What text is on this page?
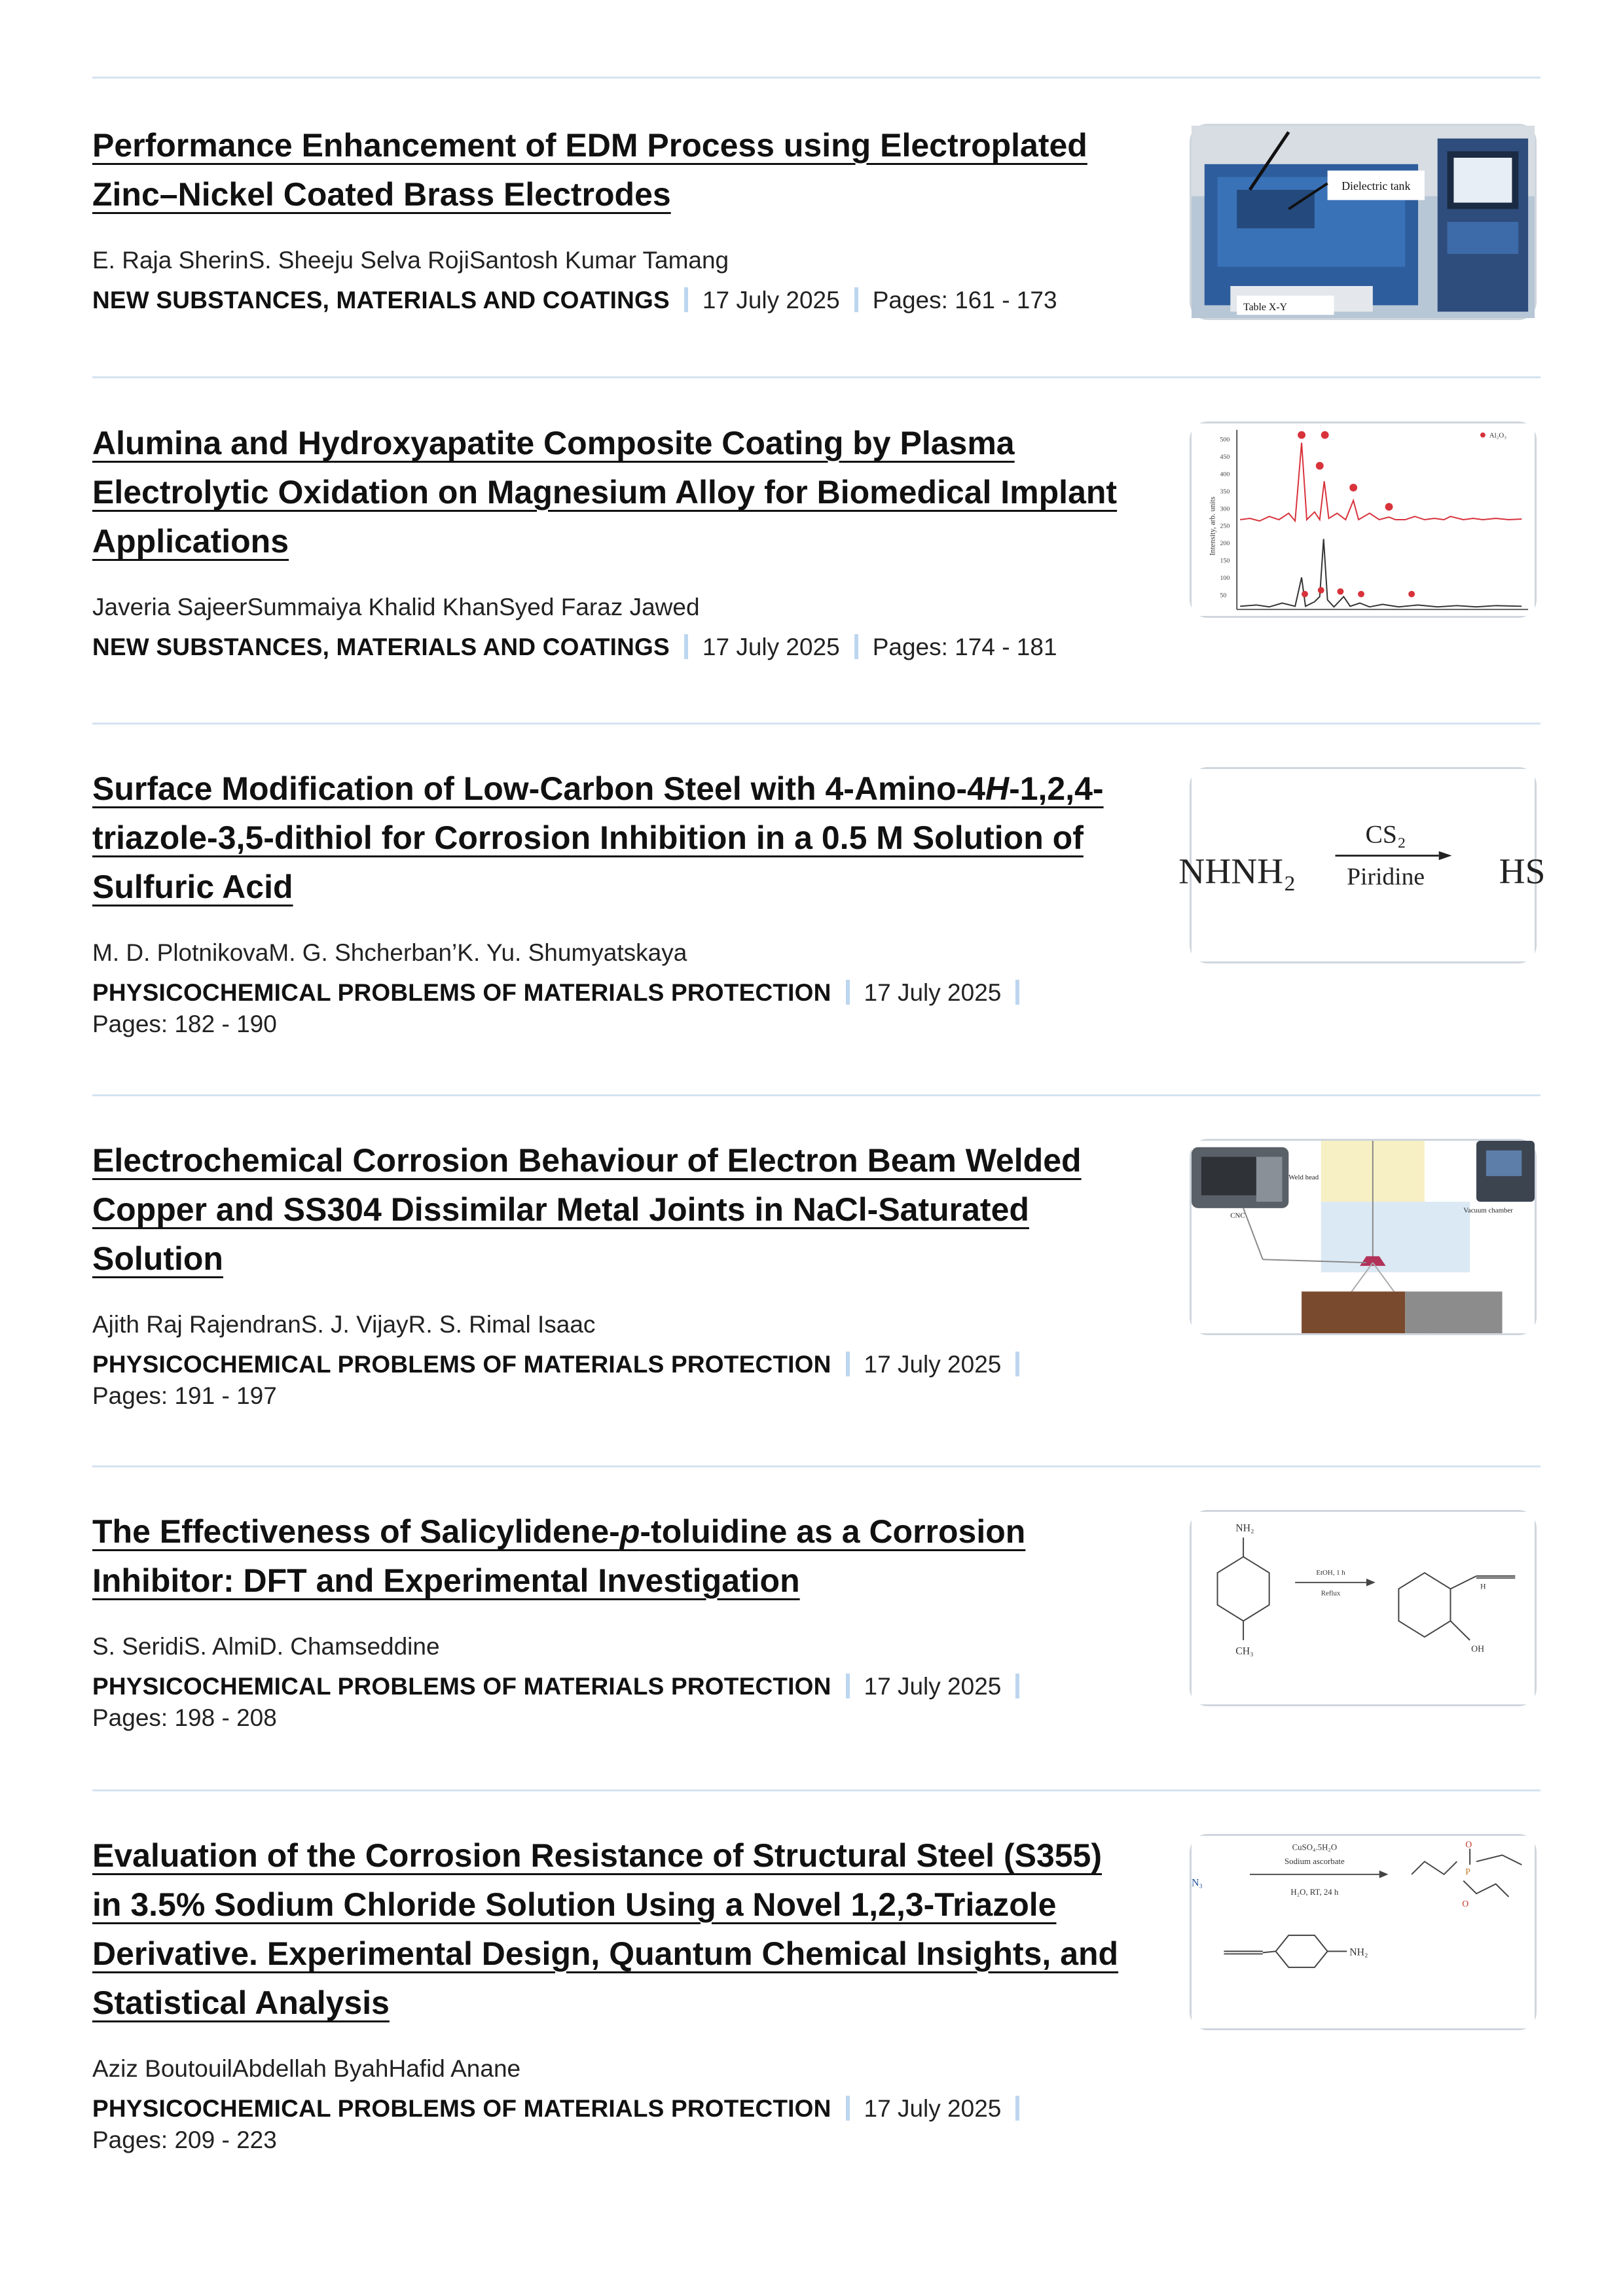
Performance Enhancement of EDM Process using Electroplated Zinc–Nickel Coated Brass Electrodes
E. Raja SherinS. Sheeju Selva RojiSantosh Kumar Tamang
NEW SUBSTANCES, MATERIALS AND COATINGS 17 July 2025 Pages: 161 - 173
Dielectric tank
Table X-Y
Alumina and Hydroxyapatite Composite Coating by Plasma Electrolytic Oxidation on Magnesium Alloy for Biomedical Implant Applications
Javeria SajeerSummaiya Khalid KhanSyed Faraz Jawed
NEW SUBSTANCES, MATERIALS AND COATINGS 17 July 2025 Pages: 174 - 181
Intensity, arb. units
500
450
400
350
300
250
200
150
100
50
Al₂O₃
Surface Modification of Low-Carbon Steel with 4-Amino-4H-1,2,4-triazole-3,5-dithiol for Corrosion Inhibition in a 0.5 M Solution of Sulfuric Acid
M. D. PlotnikovaM. G. Shcherban’K. Yu. Shumyatskaya
PHYSICOCHEMICAL PROBLEMS OF MATERIALS PROTECTION 17 July 2025
Pages: 182 - 190
NHNH₂
CS₂
Piridine HS
Electrochemical Corrosion Behaviour of Electron Beam Welded Copper and SS304 Dissimilar Metal Joints in NaCl-Saturated Solution
Ajith Raj RajendranS. J. VijayR. S. Rimal Isaac
PHYSICOCHEMICAL PROBLEMS OF MATERIALS PROTECTION 17 July 2025
Pages: 191 - 197
CNC
Weld head
Vacuum chamber
The Effectiveness of Salicylidene-p-toluidine as a Corrosion Inhibitor: DFT and Experimental Investigation
S. SeridiS. AlmiD. Chamseddine
PHYSICOCHEMICAL PROBLEMS OF MATERIALS PROTECTION 17 July 2025
Pages: 198 - 208
NH₂
CH₃
EtOH, 1 h
Reflux
OH
H
Evaluation of the Corrosion Resistance of Structural Steel (S355) in 3.5% Sodium Chloride Solution Using a Novel 1,2,3-Triazole Derivative. Experimental Design, Quantum Chemical Insights, and Statistical Analysis
Aziz BoutouilAbdellah ByahHafid Anane
PHYSICOCHEMICAL PROBLEMS OF MATERIALS PROTECTION 17 July 2025
Pages: 209 - 223
CuSO₄.5H₂O
Sodium ascorbate
H₂O, RT, 24 h
N₃
NH₂
O
P
O
